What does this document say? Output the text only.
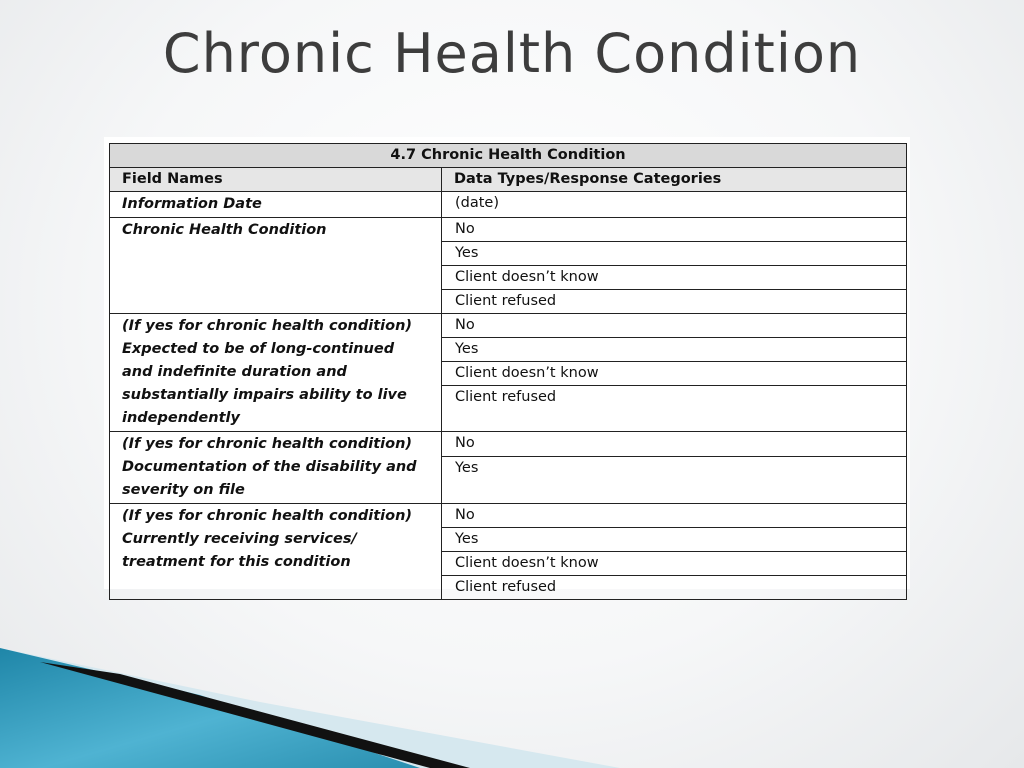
Chronic Health Condition
4.7 Chronic Health Condition	
Field Names	Data Types/Response Categories
Information Date	(date)
Chronic Health Condition	No
	Yes
	Client doesn’t know
	Client refused
(If yes for chronic health condition) Expected to be of long-continued and indefinite duration and substantially impairs ability to live independently	No
	Yes
	Client doesn’t know
	Client refused
(If yes for chronic health condition) Documentation of the disability and severity on file	No
	Yes
(If yes for chronic health condition) Currently receiving services/ treatment for this condition	No
	Yes
	Client doesn’t know
	Client refused
